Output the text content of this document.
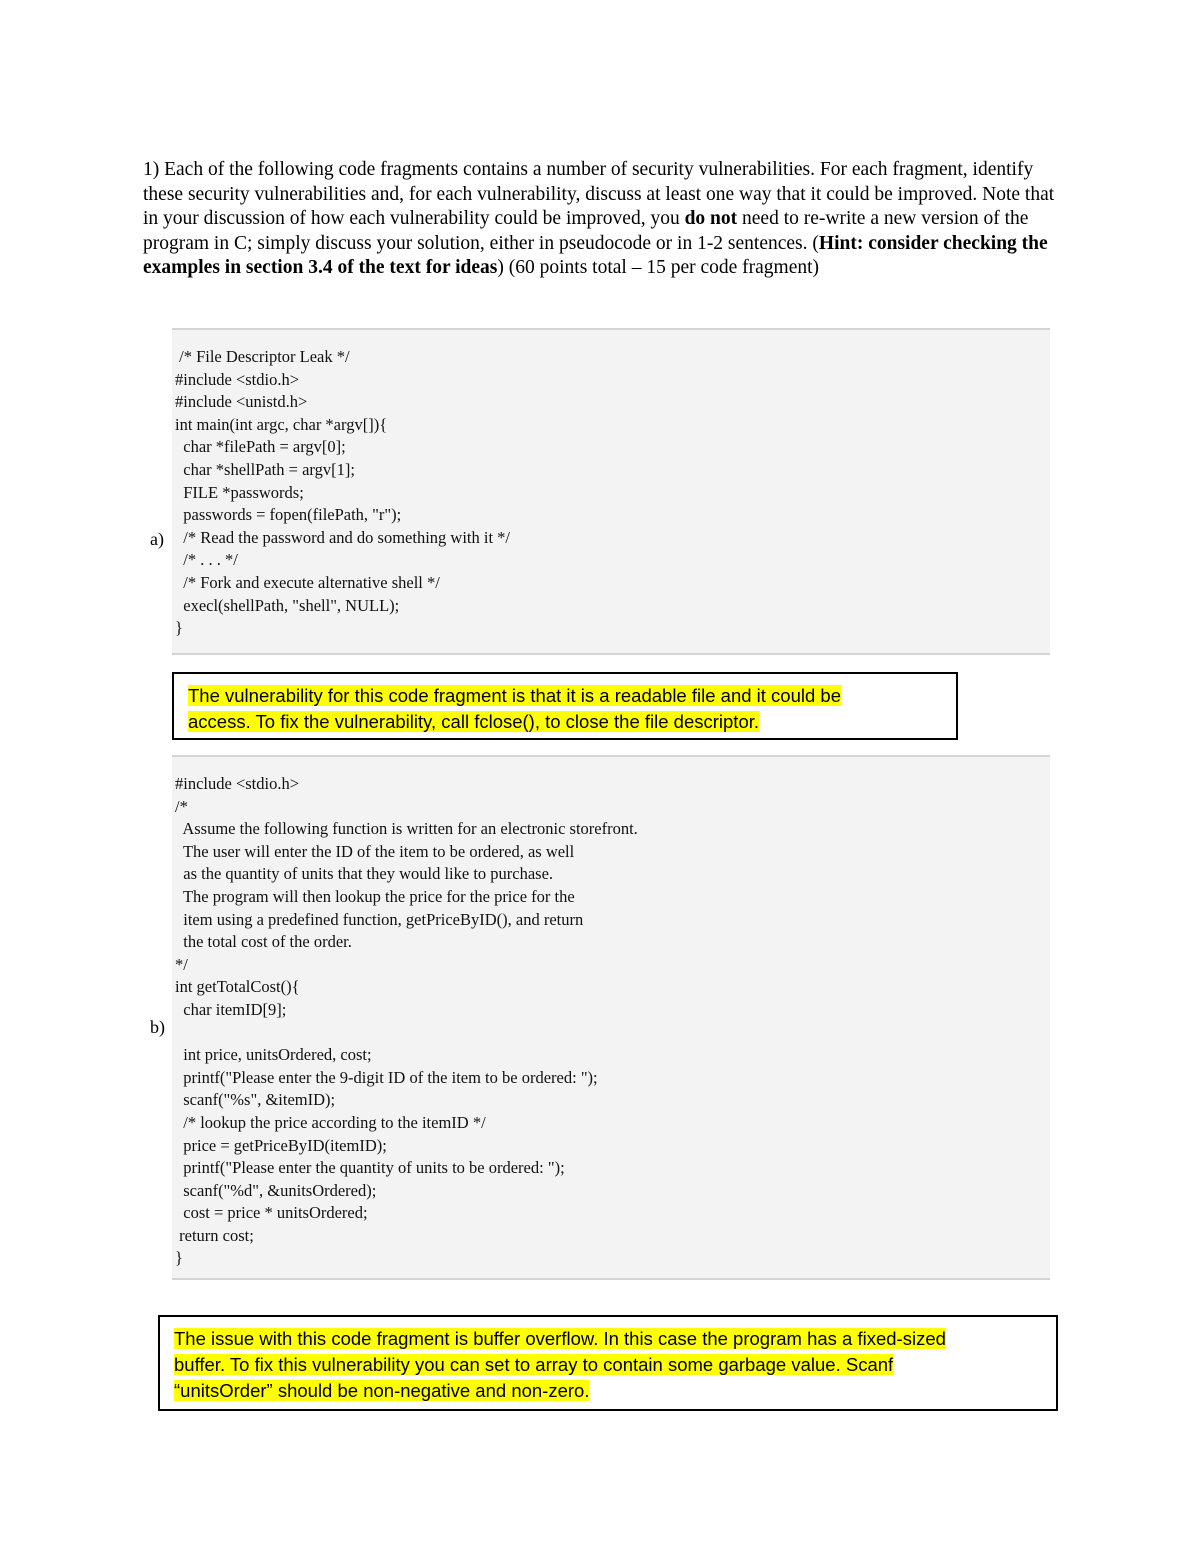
1) Each of the following code fragments contains a number of security vulnerabilities. For each fragment, identify these security vulnerabilities and, for each vulnerability, discuss at least one way that it could be improved. Note that in your discussion of how each vulnerability could be improved, you do not need to re-write a new version of the program in C; simply discuss your solution, either in pseudocode or in 1-2 sentences. (Hint: consider checking the examples in section 3.4 of the text for ideas) (60 points total – 15 per code fragment)
a)
/* File Descriptor Leak */
#include <stdio.h>
#include <unistd.h>
int main(int argc, char *argv[]){
char *filePath = argv[0];
char *shellPath = argv[1];
FILE *passwords;
passwords = fopen(filePath, "r");
/* Read the password and do something with it */
/* . . . */
/* Fork and execute alternative shell */
execl(shellPath, "shell", NULL);
}
The vulnerability for this code fragment is that it is a readable file and it could be
access. To fix the vulnerability, call fclose(), to close the file descriptor.
b)
#include <stdio.h>
/*
Assume the following function is written for an electronic storefront.
The user will enter the ID of the item to be ordered, as well
as the quantity of units that they would like to purchase.
The program will then lookup the price for the price for the
item using a predefined function, getPriceByID(), and return
the total cost of the order.
*/
int getTotalCost(){
char itemID[9];
int price, unitsOrdered, cost;
printf("Please enter the 9-digit ID of the item to be ordered: ");
scanf("%s", &itemID);
/* lookup the price according to the itemID */
price = getPriceByID(itemID);
printf("Please enter the quantity of units to be ordered: ");
scanf("%d", &unitsOrdered);
cost = price * unitsOrdered;
return cost;
}
The issue with this code fragment is buffer overflow. In this case the program has a fixed-sized
buffer. To fix this vulnerability you can set to array to contain some garbage value. Scanf
“unitsOrder” should be non-negative and non-zero.
